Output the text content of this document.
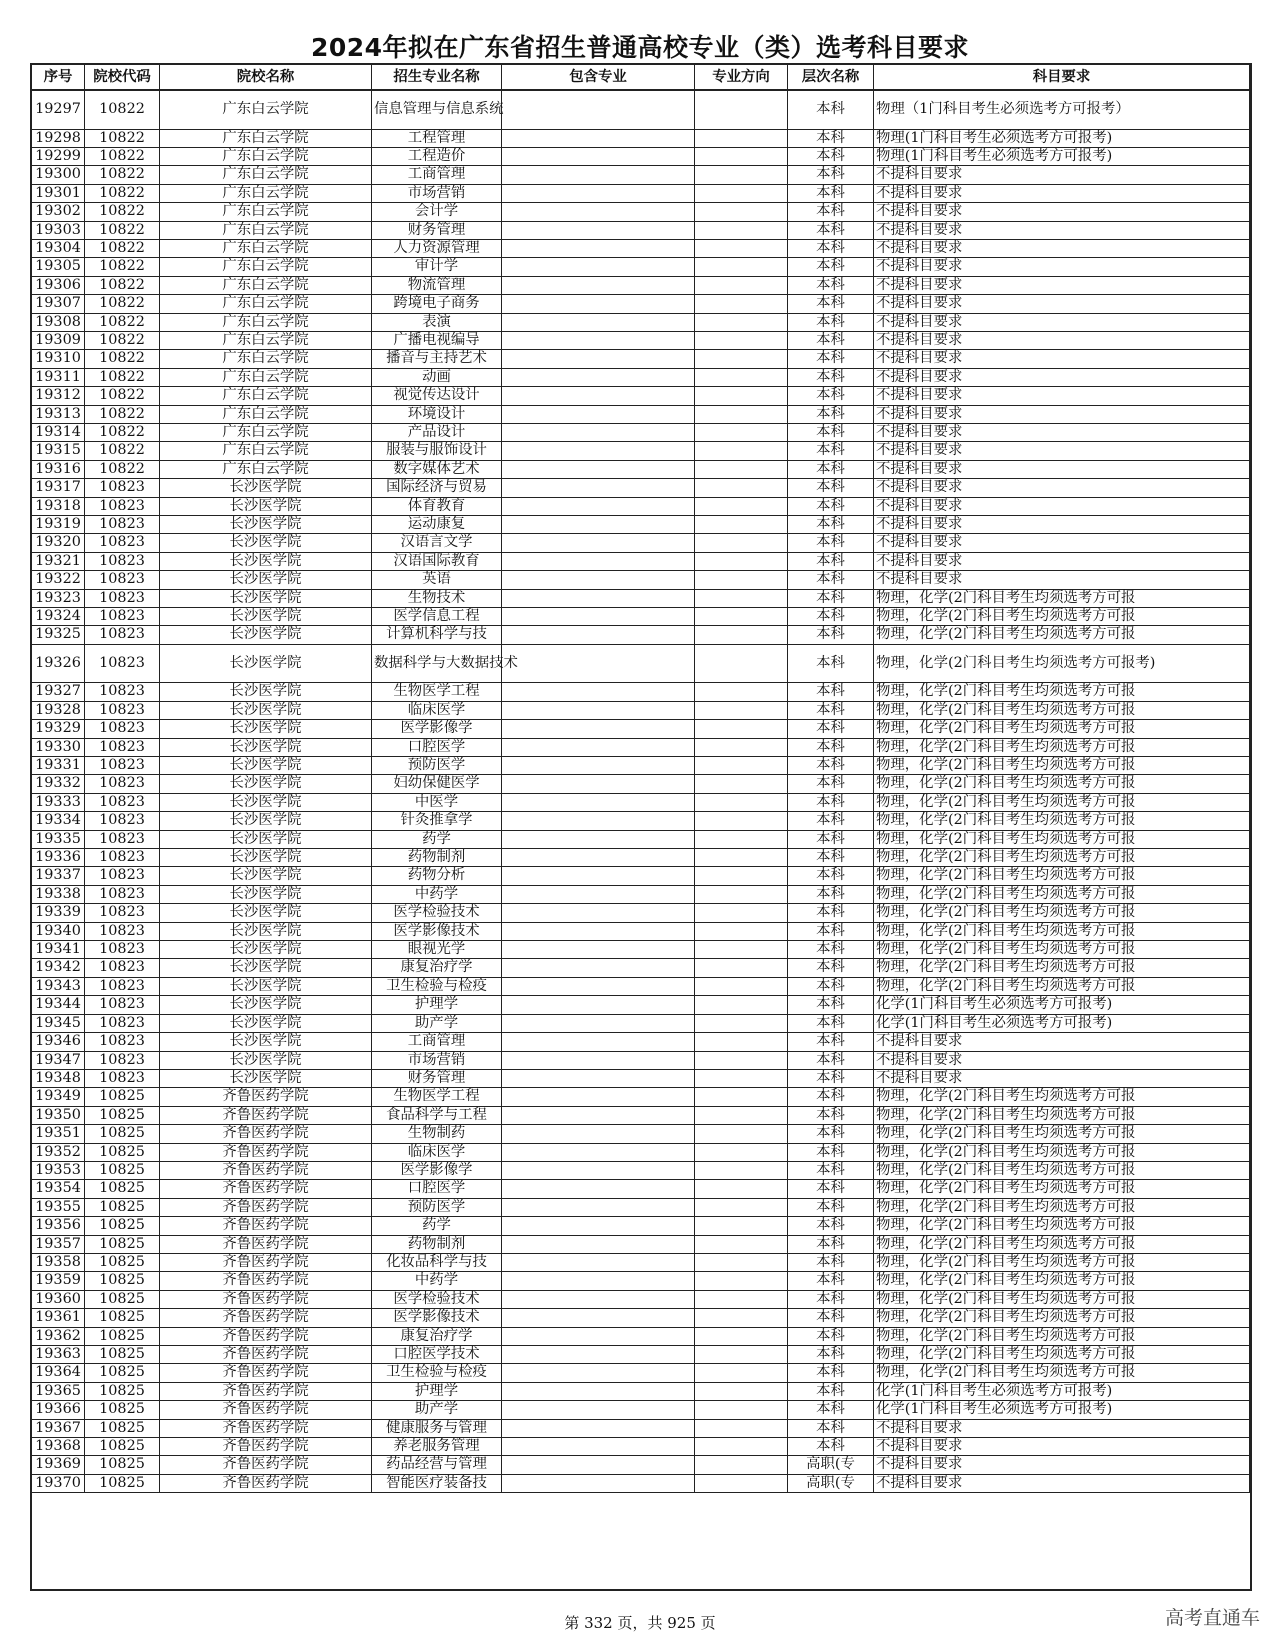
2024年拟在广东省招生普通高校专业（类）选考科目要求
序号	院校代码	院校名称	招生专业名称	包含专业	专业方向	层次名称	科目要求
19297	10822	广东白云学院	信息管理与信息系统			本科	物理（1门科目考生必须选考方可报考）
19298	10822	广东白云学院	工程管理			本科	物理(1门科目考生必须选考方可报考)
19299	10822	广东白云学院	工程造价			本科	物理(1门科目考生必须选考方可报考)
19300	10822	广东白云学院	工商管理			本科	不提科目要求
19301	10822	广东白云学院	市场营销			本科	不提科目要求
19302	10822	广东白云学院	会计学			本科	不提科目要求
19303	10822	广东白云学院	财务管理			本科	不提科目要求
19304	10822	广东白云学院	人力资源管理			本科	不提科目要求
19305	10822	广东白云学院	审计学			本科	不提科目要求
19306	10822	广东白云学院	物流管理			本科	不提科目要求
19307	10822	广东白云学院	跨境电子商务			本科	不提科目要求
19308	10822	广东白云学院	表演			本科	不提科目要求
19309	10822	广东白云学院	广播电视编导			本科	不提科目要求
19310	10822	广东白云学院	播音与主持艺术			本科	不提科目要求
19311	10822	广东白云学院	动画			本科	不提科目要求
19312	10822	广东白云学院	视觉传达设计			本科	不提科目要求
19313	10822	广东白云学院	环境设计			本科	不提科目要求
19314	10822	广东白云学院	产品设计			本科	不提科目要求
19315	10822	广东白云学院	服装与服饰设计			本科	不提科目要求
19316	10822	广东白云学院	数字媒体艺术			本科	不提科目要求
19317	10823	长沙医学院	国际经济与贸易			本科	不提科目要求
19318	10823	长沙医学院	体育教育			本科	不提科目要求
19319	10823	长沙医学院	运动康复			本科	不提科目要求
19320	10823	长沙医学院	汉语言文学			本科	不提科目要求
19321	10823	长沙医学院	汉语国际教育			本科	不提科目要求
19322	10823	长沙医学院	英语			本科	不提科目要求
19323	10823	长沙医学院	生物技术			本科	物理，化学(2门科目考生均须选考方可报
19324	10823	长沙医学院	医学信息工程			本科	物理，化学(2门科目考生均须选考方可报
19325	10823	长沙医学院	计算机科学与技			本科	物理，化学(2门科目考生均须选考方可报
19326	10823	长沙医学院	数据科学与大数据技术			本科	物理，化学(2门科目考生均须选考方可报考)
19327	10823	长沙医学院	生物医学工程			本科	物理，化学(2门科目考生均须选考方可报
19328	10823	长沙医学院	临床医学			本科	物理，化学(2门科目考生均须选考方可报
19329	10823	长沙医学院	医学影像学			本科	物理，化学(2门科目考生均须选考方可报
19330	10823	长沙医学院	口腔医学			本科	物理，化学(2门科目考生均须选考方可报
19331	10823	长沙医学院	预防医学			本科	物理，化学(2门科目考生均须选考方可报
19332	10823	长沙医学院	妇幼保健医学			本科	物理，化学(2门科目考生均须选考方可报
19333	10823	长沙医学院	中医学			本科	物理，化学(2门科目考生均须选考方可报
19334	10823	长沙医学院	针灸推拿学			本科	物理，化学(2门科目考生均须选考方可报
19335	10823	长沙医学院	药学			本科	物理，化学(2门科目考生均须选考方可报
19336	10823	长沙医学院	药物制剂			本科	物理，化学(2门科目考生均须选考方可报
19337	10823	长沙医学院	药物分析			本科	物理，化学(2门科目考生均须选考方可报
19338	10823	长沙医学院	中药学			本科	物理，化学(2门科目考生均须选考方可报
19339	10823	长沙医学院	医学检验技术			本科	物理，化学(2门科目考生均须选考方可报
19340	10823	长沙医学院	医学影像技术			本科	物理，化学(2门科目考生均须选考方可报
19341	10823	长沙医学院	眼视光学			本科	物理，化学(2门科目考生均须选考方可报
19342	10823	长沙医学院	康复治疗学			本科	物理，化学(2门科目考生均须选考方可报
19343	10823	长沙医学院	卫生检验与检疫			本科	物理，化学(2门科目考生均须选考方可报
19344	10823	长沙医学院	护理学			本科	化学(1门科目考生必须选考方可报考)
19345	10823	长沙医学院	助产学			本科	化学(1门科目考生必须选考方可报考)
19346	10823	长沙医学院	工商管理			本科	不提科目要求
19347	10823	长沙医学院	市场营销			本科	不提科目要求
19348	10823	长沙医学院	财务管理			本科	不提科目要求
19349	10825	齐鲁医药学院	生物医学工程			本科	物理，化学(2门科目考生均须选考方可报
19350	10825	齐鲁医药学院	食品科学与工程			本科	物理，化学(2门科目考生均须选考方可报
19351	10825	齐鲁医药学院	生物制药			本科	物理，化学(2门科目考生均须选考方可报
19352	10825	齐鲁医药学院	临床医学			本科	物理，化学(2门科目考生均须选考方可报
19353	10825	齐鲁医药学院	医学影像学			本科	物理，化学(2门科目考生均须选考方可报
19354	10825	齐鲁医药学院	口腔医学			本科	物理，化学(2门科目考生均须选考方可报
19355	10825	齐鲁医药学院	预防医学			本科	物理，化学(2门科目考生均须选考方可报
19356	10825	齐鲁医药学院	药学			本科	物理，化学(2门科目考生均须选考方可报
19357	10825	齐鲁医药学院	药物制剂			本科	物理，化学(2门科目考生均须选考方可报
19358	10825	齐鲁医药学院	化妆品科学与技			本科	物理，化学(2门科目考生均须选考方可报
19359	10825	齐鲁医药学院	中药学			本科	物理，化学(2门科目考生均须选考方可报
19360	10825	齐鲁医药学院	医学检验技术			本科	物理，化学(2门科目考生均须选考方可报
19361	10825	齐鲁医药学院	医学影像技术			本科	物理，化学(2门科目考生均须选考方可报
19362	10825	齐鲁医药学院	康复治疗学			本科	物理，化学(2门科目考生均须选考方可报
19363	10825	齐鲁医药学院	口腔医学技术			本科	物理，化学(2门科目考生均须选考方可报
19364	10825	齐鲁医药学院	卫生检验与检疫			本科	物理，化学(2门科目考生均须选考方可报
19365	10825	齐鲁医药学院	护理学			本科	化学(1门科目考生必须选考方可报考)
19366	10825	齐鲁医药学院	助产学			本科	化学(1门科目考生必须选考方可报考)
19367	10825	齐鲁医药学院	健康服务与管理			本科	不提科目要求
19368	10825	齐鲁医药学院	养老服务管理			本科	不提科目要求
19369	10825	齐鲁医药学院	药品经营与管理			高职(专	不提科目要求
19370	10825	齐鲁医药学院	智能医疗装备技			高职(专	不提科目要求
第 332 页，共 925 页	高考直通车
